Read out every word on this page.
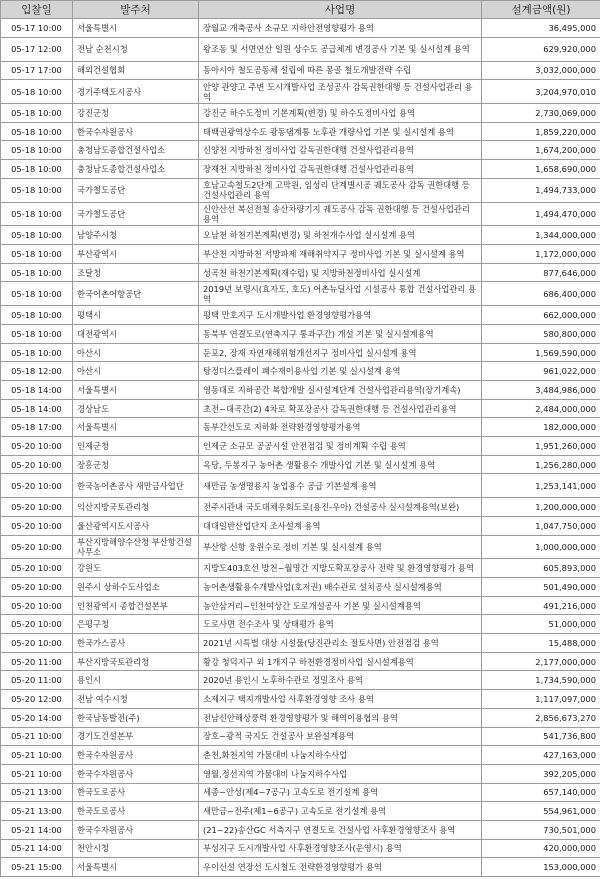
입찰일	발주처	사업명	설계금액(원)
05-17 10:00	서울특별시	장월교 개축공사 소규모 지하안전영향평가 용역	36,495,000
05-17 12:00	전남 순천시청	왕조동 및 서면연산 일원 상수도 공급체계 변경공사 기본 및 실시설계 용역	629,920,000
05-17 17:00	해외건설협회	동아시아 철도공동체 설립에 따른 몽골 철도개발전략 수립	3,032,000,000
05-18 10:00	경기주택도시공사	안양 관양고 주변 도시개발사업 조성공사 감독권한대행 등 건설사업관리 용역	3,204,970,010
05-18 10:00	강진군청	강진군 하수도정비 기본계획(변경) 및 하수도정비사업 용역	2,730,069,000
05-18 10:00	한국수자원공사	태백권광역상수도 광동댐계통 노후관 개량사업 기본 및 실시설계 용역	1,859,220,000
05-18 10:00	충청남도종합건설사업소	신양천 지방하천 정비사업 감독권한대행 건설사업관리용역	1,674,200,000
05-18 10:00	충청남도종합건설사업소	장재천 지방하천 정비사업 감독권한대행 건설사업관리용역	1,658,690,000
05-18 10:00	국가철도공단	호남고속철도2단계 고막원, 임성리 단계별시공 궤도공사 감독 권한대행 등 건설사업관리 용역	1,494,733,000
05-18 10:00	국가철도공단	신안산선 복선전철 송산차량기지 궤도공사 감독 권한대행 등 건설사업관리 용역	1,494,470,000
05-18 10:00	남양주시청	오남천 하천기본계획(변경) 및 하천개수사업 실시설계 용역	1,344,000,000
05-18 10:00	부산광역시	부산천 지방하천 서방파제 재해취약지구 정비사업 기본 및 실시설계 용역	1,172,000,000
05-18 10:00	조달청	성곡천 하천기본계획(재수립) 및 지방하천정비사업 실시설계	877,646,000
05-18 10:00	한국어촌어항공단	2019년 보령시(효자도, 호도) 어촌뉴딜사업 시설공사 통합 건설사업관리 용역	686,400,000
05-18 10:00	평택시	평택 만호지구 도시개발사업 환경영향평가용역	662,000,000
05-18 10:00	대전광역시	동북부 연결도로(연축지구 통과구간) 개설 기본 및 실시설계용역	580,800,000
05-18 10:00	아산시	둔포2, 장재 자연재해위험개선지구 정비사업 실시설계 용역	1,569,590,000
05-18 12:00	아산시	탕정디스플레이 폐수재이용사업 기본 및 실시설계 용역	961,022,000
05-18 14:00	서울특별시	영동대로 지하공간 복합개발 실시설계단계 건설사업관리용역(장기계속)	3,484,986,000
05-18 14:00	경상남도	초전~대곡간(2) 4차로 확포장공사 감독권한대행 등 건설사업관리용역	2,484,000,000
05-18 17:00	서울특별시	동부간선도로 지하화 전략환경영향평가용역	182,000,000
05-20 10:00	인제군청	인제군 소규모 공공시설 안전점검 및 정비계획 수립 용역	1,951,260,000
05-20 10:00	장흥군청	옥당, 두봉지구 농어촌 생활용수 개발사업 기본 및 실시설계 용역	1,256,280,000
05-20 10:00	한국농어촌공사 새만금사업단	새만금 농생명용지 농업용수 공급 기본설계 용역	1,253,141,000
05-20 10:00	익산지방국토관리청	전주시관내 국도대체우회도로(용진-우아) 건설공사 실시설계용역(보완)	1,200,000,000
05-20 10:00	울산광역시도시공사	대대일반산업단지 조사설계 용역	1,047,750,000
05-20 10:00	부산지방해양수산청 부산항건설사무소	부산항 신항 웅원수로 정비 기본 및 실시설계 용역	1,000,000,000
05-20 10:00	강원도	지방도403호선 방천~월명간 지방도확포장공사 전략 및 환경영향평가 용역	605,893,000
05-20 10:00	원주시 상하수도사업소	농어촌생활용수개발사업(호저권) 배수관로 설치공사 실시설계용역	501,490,000
05-20 10:00	인천광역시 종합건설본부	농안삼거리~인천여상간 도로개설공사 기본 및 실시설계용역	491,216,000
05-20 10:00	은평구청	도로사면 전수조사 및 상태평가 용역	51,000,000
05-20 10:00	한국가스공사	2021년 시특법 대상 시설물(당진관리소 절토사면) 안전점검 용역	15,488,000
05-20 11:00	부산지방국토관리청	황강 청덕지구 외 1개지구 하천환경정비사업 실시설계용역	2,177,000,000
05-20 11:00	용인시	2020년 용인시 노후하수관로 정밀조사 용역	1,734,590,000
05-20 12:00	전남 여수시청	소제지구 택지개발사업 사후환경영향 조사 용역	1,117,097,000
05-20 14:00	한국남동발전(주)	전남신안해상풍력 환경영향평가 및 해역이용협의 용역	2,856,673,270
05-21 10:00	경기도건설본부	장호~광적 국지도 건설공사 보완설계용역	541,736,800
05-21 10:00	한국수자원공사	춘천,화천지역 가뭄대비 나눔지하수사업	427,163,000
05-21 10:00	한국수자원공사	영월,정선지역 가뭄대비 나눔지하수사업	392,205,000
05-21 13:00	한국도로공사	세종~안성(제4~7공구) 고속도로 전기설계 용역	657,140,000
05-21 13:00	한국도로공사	새만금~전주(제1~6공구) 고속도로 전기설계 용역	554,961,000
05-21 14:00	한국수자원공사	(21~22)송산GC 서측지구 연결도로 건설사업 사후환경영향조사 용역	730,501,000
05-21 14:00	천안시청	부성지구 도시개발사업 사후환경영향조사(운영시) 용역	420,000,000
05-21 15:00	서울특별시	우이신설 연장선 도시철도 전략환경영향평가 용역	153,000,000
